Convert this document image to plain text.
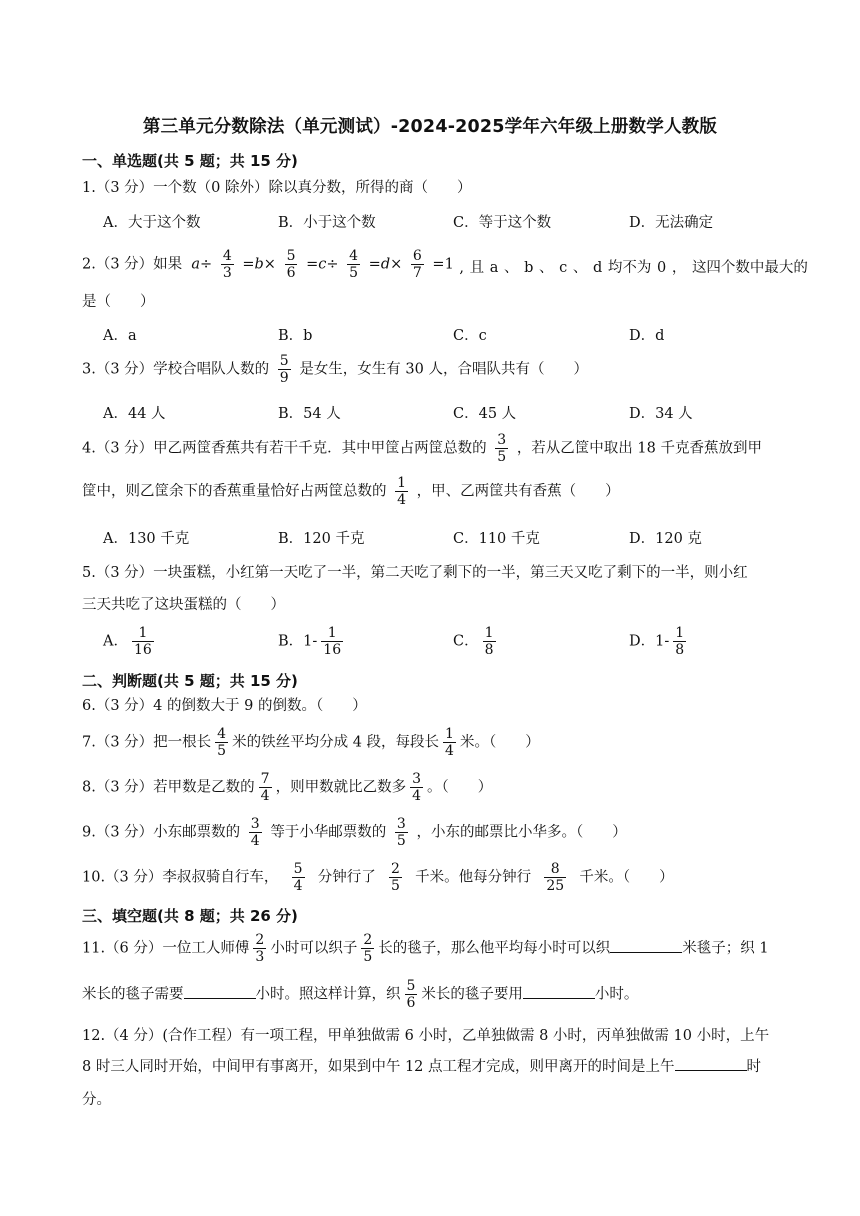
第三单元分数除法（单元测试）-2024-2025学年六年级上册数学人教版
一、单选题(共 5 题；共 15 分)
1.（3 分）一个数（0 除外）除以真分数，所得的商（　　）
A．大于这个数	B．小于这个数	C．等于这个数	D．无法确定
2.（3 分）如果 $a\div \frac{4}{3} =b\times \frac{5}{6} =c\div \frac{4}{5} =d\times \frac{6}{7} =1$ , 且 a 、 b 、 c 、 d 均不为 0 ， 这四个数中最大的
是（　　）
A．a	B．b	C．c	D．d
3.（3 分）学校合唱队人数的 $\frac{5}{9}$ 是女生，女生有 30 人，合唱队共有（　　）
A．44 人	B．54 人	C．45 人	D．34 人
4.（3 分）甲乙两筐香蕉共有若干千克．其中甲筐占两筐总数的 $\frac{3}{5}$ ，若从乙筐中取出 18 千克香蕉放到甲
筐中，则乙筐余下的香蕉重量恰好占两筐总数的 $\frac{1}{4}$ ，甲、乙两筐共有香蕉（　　）
A．130 千克	B．120 千克	C．110 千克	D．120 克
5.（3 分）一块蛋糕，小红第一天吃了一半，第二天吃了剩下的一半，第三天又吃了剩下的一半，则小红
三天共吃了这块蛋糕的（　　）
A． $\frac{1}{16}$	B．$1- \frac{1}{16}$	C． $\frac{1}{8}$	D．$1- \frac{1}{8}$
二、判断题(共 5 题；共 15 分)
6.（3 分）4 的倒数大于 9 的倒数。（　　）
7.（3 分）把一根长 $\frac{4}{5}$ 米的铁丝平均分成 4 段，每段长 $\frac{1}{4}$ 米。（　　）
8.（3 分）若甲数是乙数的 $\frac{7}{4}$ ，则甲数就比乙数多 $\frac{3}{4}$ 。（　　）
9.（3 分）小东邮票数的 $\frac{3}{4}$ 等于小华邮票数的 $\frac{3}{5}$ ，小东的邮票比小华多。（　　）
10.（3 分）李叔叔骑自行车， $\frac{5}{4}$ 分钟行了 $\frac{2}{5}$ 千米。他每分钟行 $\frac{8}{25}$ 千米。（　　）
三、填空题(共 8 题；共 26 分)
11.（6 分）一位工人师傅 $\frac{2}{3}$ 小时可以织子 $\frac{2}{5}$ 长的毯子，那么他平均每小时可以织	米毯子；织 1
米长的毯子需要	小时。照这样计算，织 $\frac{5}{6}$ 米长的毯子要用	小时。
12.（4 分）(合作工程）有一项工程，甲单独做需 6 小时，乙单独做需 8 小时，丙单独做需 10 小时，上午
8 时三人同时开始，中间甲有事离开，如果到中午 12 点工程才完成，则甲离开的时间是上午	时
分。
